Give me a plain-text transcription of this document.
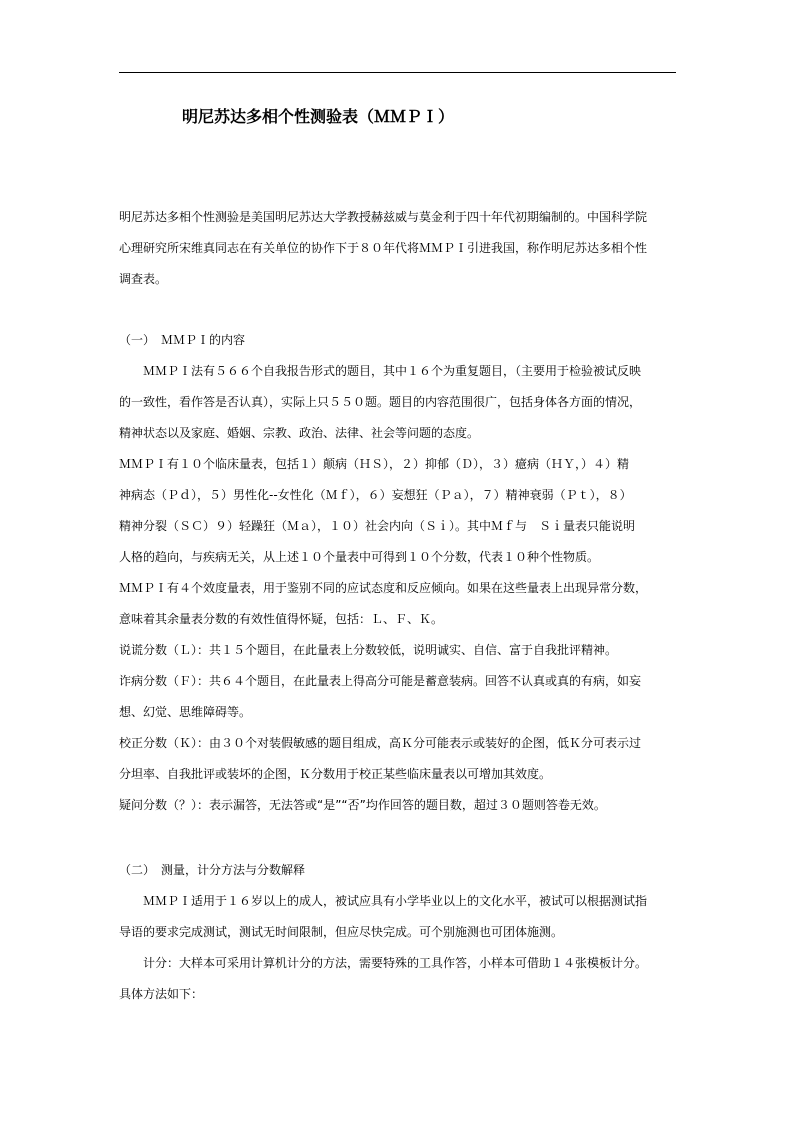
明尼苏达多相个性测验表（ＭＭＰＩ）
明尼苏达多相个性测验是美国明尼苏达大学教授赫兹威与莫金利于四十年代初期编制的。中国科学院
心理研究所宋维真同志在有关单位的协作下于８０年代将ＭＭＰＩ引进我国，称作明尼苏达多相个性
调查表。
（一）　ＭＭＰＩ的内容
ＭＭＰＩ法有５６６个自我报告形式的题目，其中１６个为重复题目，（主要用于检验被试反映
的一致性，看作答是否认真），实际上只５５０题。题目的内容范围很广，包括身体各方面的情况，
精神状态以及家庭、婚姻、宗教、政治、法律、社会等问题的态度。
ＭＭＰＩ有１０个临床量表，包括１）颠病（ＨＳ），２）抑郁（Ｄ），３）癔病（ＨＹ，）４）精
神病态（Ｐｄ），５）男性化--女性化（Ｍｆ），６）妄想狂（Ｐａ），７）精神衰弱（Ｐｔ），８）
精神分裂（ＳＣ）９）轻躁狂（Ｍａ），１０）社会内向（Ｓｉ）。其中Ｍｆ与　Ｓｉ量表只能说明
人格的趋向，与疾病无关，从上述１０个量表中可得到１０个分数，代表１０种个性物质。
ＭＭＰＩ有４个效度量表，用于鉴别不同的应试态度和反应倾向。如果在这些量表上出现异常分数，
意味着其余量表分数的有效性值得怀疑，包括：Ｌ、Ｆ、Ｋ。
说谎分数（Ｌ）：共１５个题目，在此量表上分数较低，说明诚实、自信、富于自我批评精神。
诈病分数（Ｆ）：共６４个题目，在此量表上得高分可能是蓄意装病。回答不认真或真的有病，如妄
想、幻觉、思维障碍等。
校正分数（Ｋ）：由３０个对装假敏感的题目组成，高Ｋ分可能表示或装好的企图，低Ｋ分可表示过
分坦率、自我批评或装坏的企图，Ｋ分数用于校正某些临床量表以可增加其效度。
疑问分数（？）：表示漏答，无法答或“是”“否”均作回答的题目数，超过３０题则答卷无效。
（二）　测量，计分方法与分数解释
ＭＭＰＩ适用于１６岁以上的成人，被试应具有小学毕业以上的文化水平，被试可以根据测试指
导语的要求完成测试，测试无时间限制，但应尽快完成。可个别施测也可团体施测。
计分：大样本可采用计算机计分的方法，需要特殊的工具作答，小样本可借助１４张模板计分。
具体方法如下：
